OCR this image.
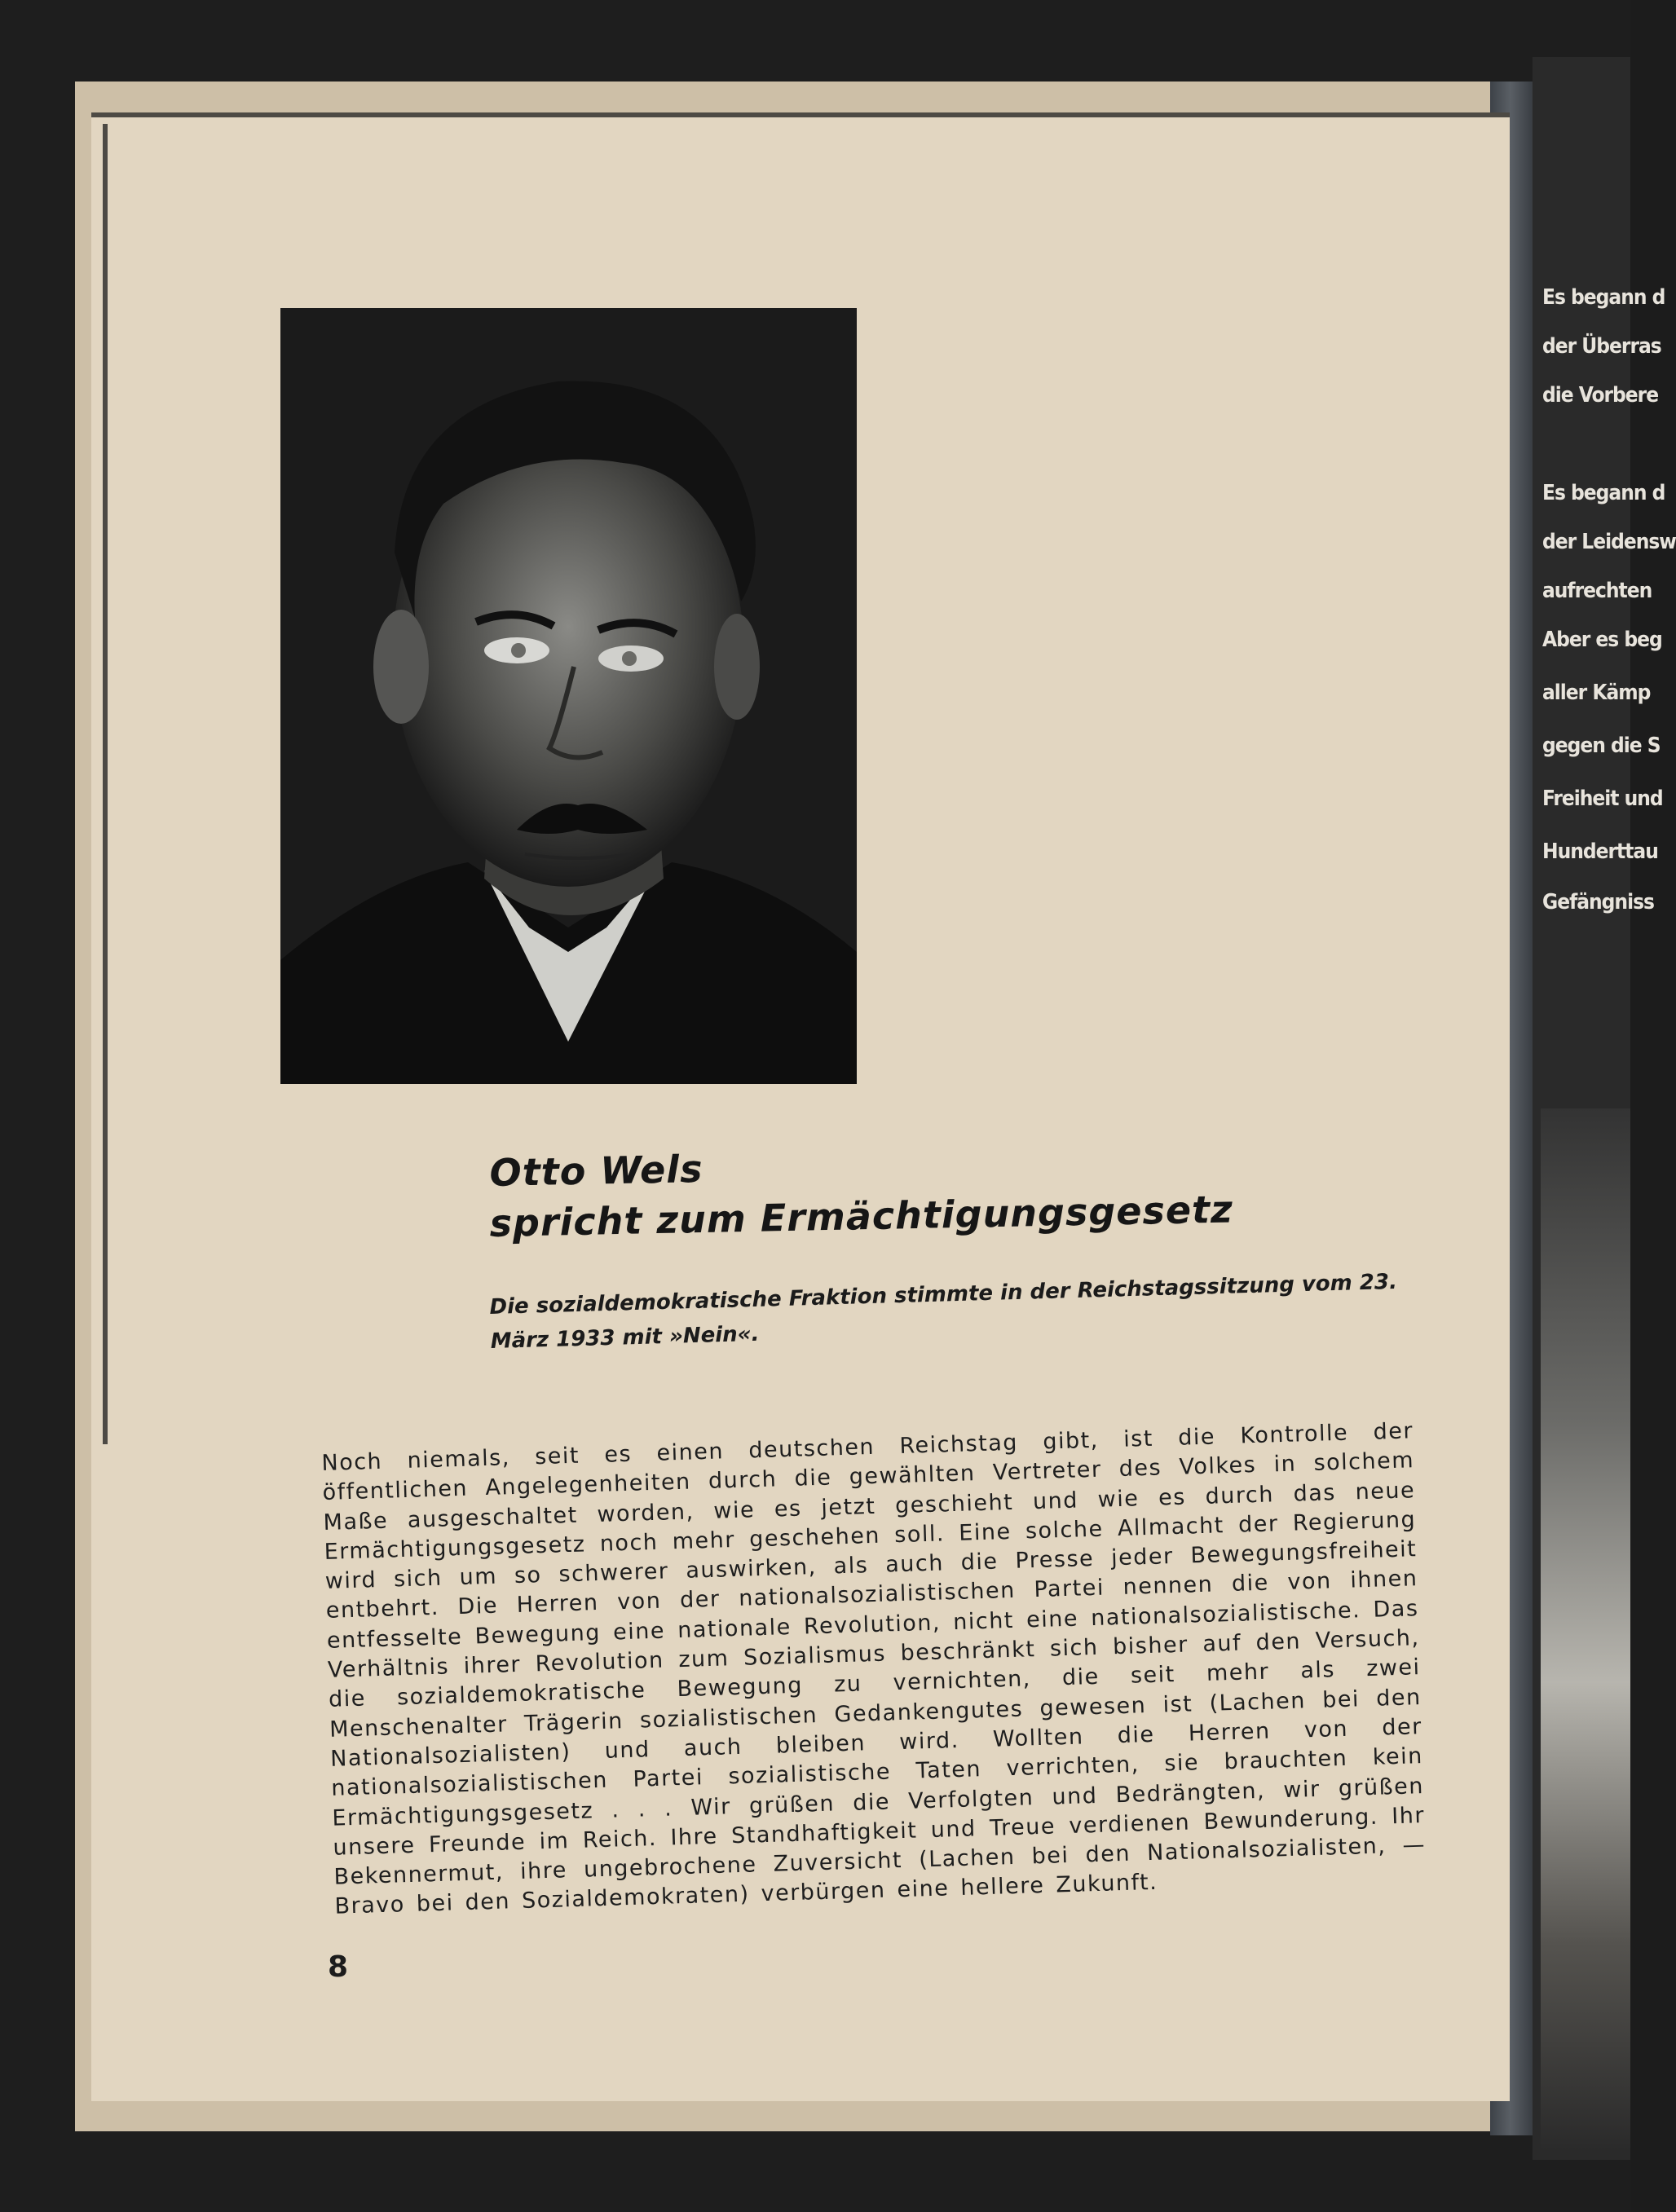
Es begann d
der Überras
die Vorbere
Es begann d
der Leidensw
aufrechten
Aber es beg
aller Kämp
gegen die S
Freiheit und
Hunderttau
Gefängniss
Otto Wels
spricht zum Ermächtigungsgesetz
Die sozialdemokratische Fraktion stimmte in der Reichstagssitzung vom 23. März 1933 mit »Nein«.
Noch niemals, seit es einen deutschen Reichstag gibt, ist die Kontrolle der öffentlichen Angelegenheiten durch die gewählten Vertreter des Volkes in solchem Maße ausgeschaltet worden, wie es jetzt geschieht und wie es durch das neue Ermächtigungsgesetz noch mehr geschehen soll. Eine solche Allmacht der Regierung wird sich um so schwerer auswirken, als auch die Presse jeder Bewegungsfreiheit entbehrt. Die Herren von der nationalsozialistischen Partei nennen die von ihnen entfesselte Bewegung eine nationale Revolution, nicht eine nationalsozialistische. Das Verhältnis ihrer Revolution zum Sozialismus beschränkt sich bisher auf den Versuch, die sozialdemokratische Bewegung zu vernichten, die seit mehr als zwei Menschenalter Trägerin sozialistischen Gedankengutes gewesen ist (Lachen bei den Nationalsozialisten) und auch bleiben wird. Wollten die Herren von der nationalsozialistischen Partei sozialistische Taten verrichten, sie brauchten kein Ermächtigungsgesetz . . . Wir grüßen die Verfolgten und Bedrängten, wir grüßen unsere Freunde im Reich. Ihre Standhaftigkeit und Treue verdienen Bewunderung. Ihr Bekennermut, ihre ungebrochene Zuversicht (Lachen bei den Nationalsozialisten, — Bravo bei den Sozialdemokraten) verbürgen eine hellere Zukunft.
8
